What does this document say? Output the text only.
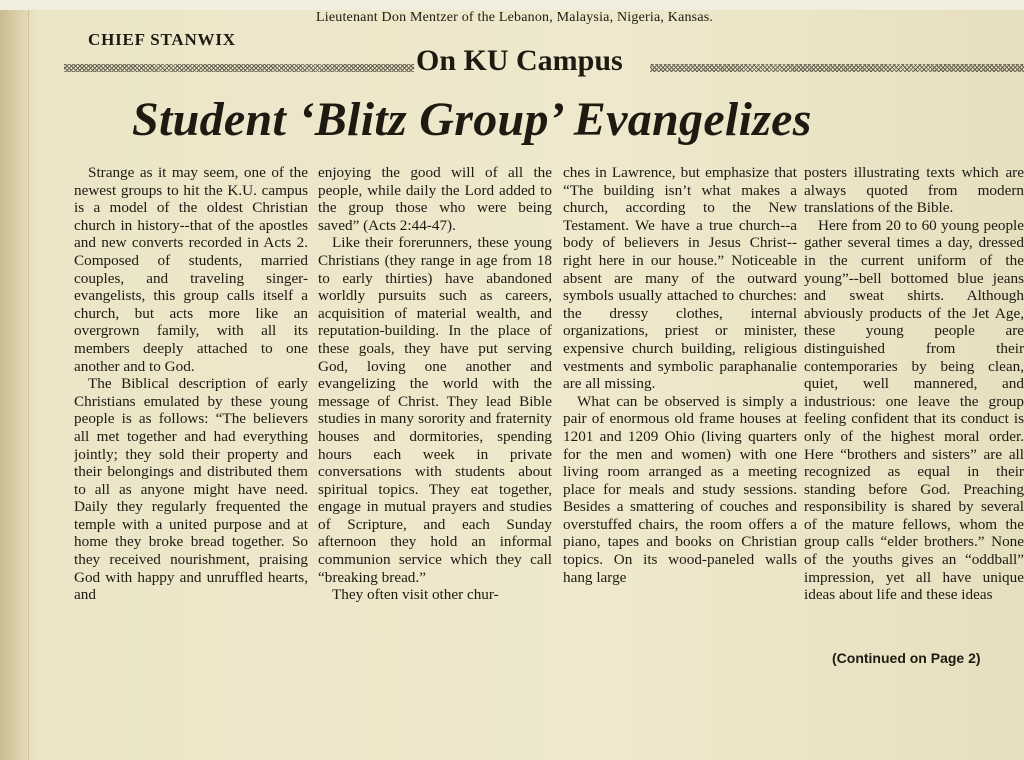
Lieutenant Don Mentzer of the Lebanon, Malaysia, Nigeria, Kansas.
CHIEF STANWIX
On KU Campus
Student ‘Blitz Group’ Evangelizes

Strange as it may seem, one of the newest groups to hit the K.U. campus is a model of the oldest Christian church in history--that of the apostles and new converts recorded in Acts 2. Composed of students, married couples, and traveling singer-evangelists, this group calls itself a church, but acts more like an overgrown family, with all its members deeply attached to one another and to God.

The Biblical description of early Christians emulated by these young people is as follows: “The believers all met together and had everything jointly; they sold their property and their belongings and distributed them to all as anyone might have need. Daily they regularly frequented the temple with a united purpose and at home they broke bread together. So they received nourishment, praising God with happy and unruffled hearts, and

enjoying the good will of all the people, while daily the Lord added to the group those who were being saved” (Acts 2:44-47).

Like their forerunners, these young Christians (they range in age from 18 to early thirties) have abandoned worldly pursuits such as careers, acquisition of material wealth, and reputation-building. In the place of these goals, they have put serving God, loving one another and evangelizing the world with the message of Christ. They lead Bible studies in many sorority and fraternity houses and dormitories, spending hours each week in private conversations with students about spiritual topics. They eat together, engage in mutual prayers and studies of Scripture, and each Sunday afternoon they hold an informal communion service which they call “breaking bread.”

They often visit other chur-

ches in Lawrence, but emphasize that “The building isn’t what makes a church, according to the New Testament. We have a true church--a body of believers in Jesus Christ--right here in our house.” Noticeable absent are many of the outward symbols usually attached to churches: the dressy clothes, internal organizations, priest or minister, expensive church building, religious vestments and symbolic paraphanalie are all missing.

What can be observed is simply a pair of enormous old frame houses at 1201 and 1209 Ohio (living quarters for the men and women) with one living room arranged as a meeting place for meals and study sessions. Besides a smattering of couches and overstuffed chairs, the room offers a piano, tapes and books on Christian topics. On its wood-paneled walls hang large

posters illustrating texts which are always quoted from modern translations of the Bible.

Here from 20 to 60 young people gather several times a day, dressed in the current uniform of the young”--bell bottomed blue jeans and sweat shirts. Although abviously products of the Jet Age, these young people are distinguished from their contemporaries by being clean, quiet, well mannered, and industrious: one leave the group feeling confident that its conduct is only of the highest moral order. Here “brothers and sisters” are all recognized as equal in their standing before God. Preaching responsibility is shared by several of the mature fellows, whom the group calls “elder brothers.” None of the youths gives an “oddball” impression, yet all have unique ideas about life and these ideas

(Continued on Page 2)
